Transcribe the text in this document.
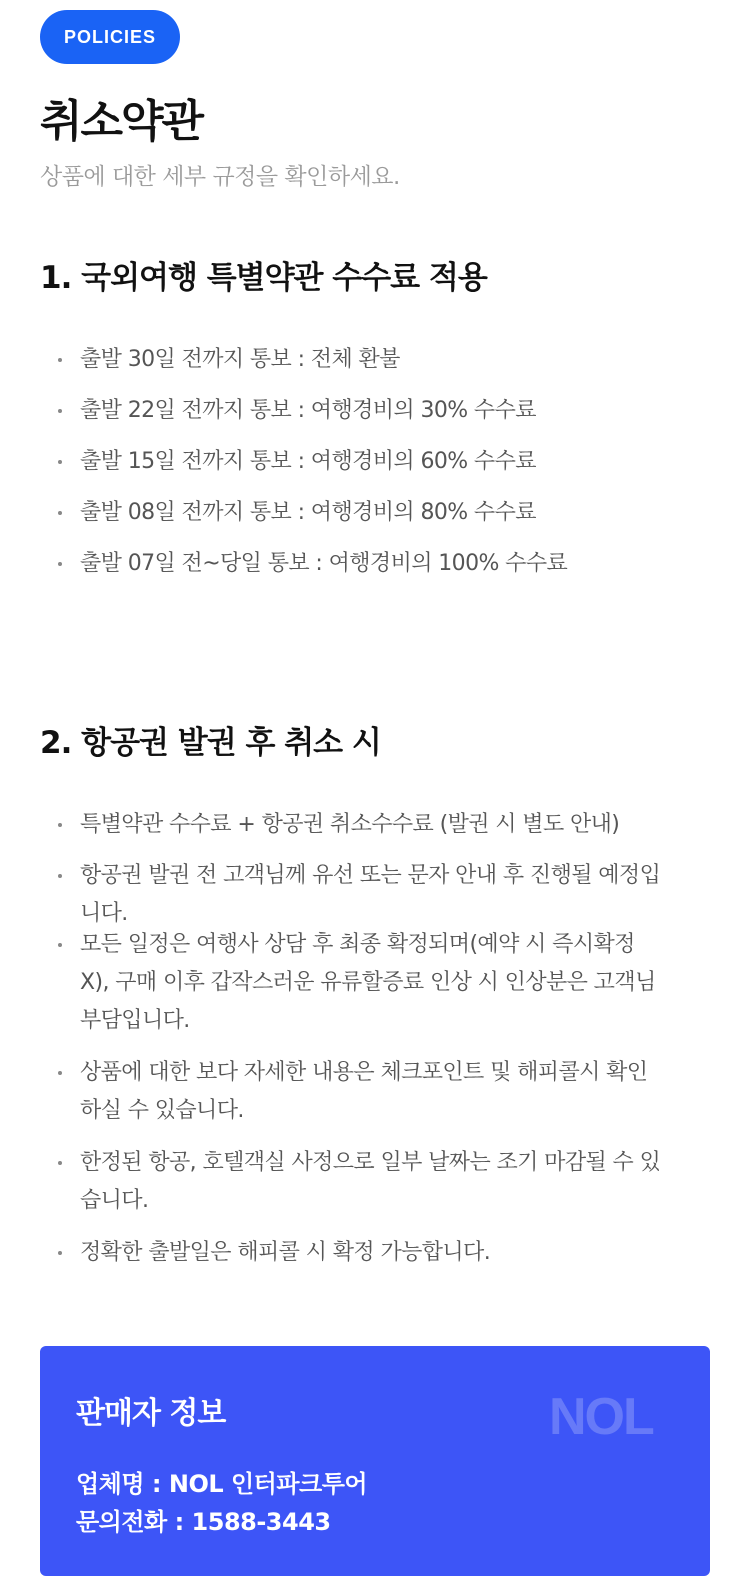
POLICIES
취소약관

상품에 대한 세부 규정을 확인하세요.

1. 국외여행 특별약관 수수료 적용
출발 30일 전까지 통보 : 전체 환불
출발 22일 전까지 통보 : 여행경비의 30% 수수료
출발 15일 전까지 통보 : 여행경비의 60% 수수료
출발 08일 전까지 통보 : 여행경비의 80% 수수료
출발 07일 전~당일 통보 : 여행경비의 100% 수수료
2. 항공권 발권 후 취소 시
특별약관 수수료 + 항공권 취소수수료 (발권 시 별도 안내)
항공권 발권 전 고객님께 유선 또는 문자 안내 후 진행될 예정입
니다.
모든 일정은 여행사 상담 후 최종 확정되며(예약 시 즉시확정
X), 구매 이후 갑작스러운 유류할증료 인상 시 인상분은 고객님
부담입니다.
상품에 대한 보다 자세한 내용은 체크포인트 및 해피콜시 확인
하실 수 있습니다.
한정된 항공, 호텔객실 사정으로 일부 날짜는 조기 마감될 수 있
습니다.
정확한 출발일은 해피콜 시 확정 가능합니다.
판매자 정보	NOL

업체명 : NOL 인터파크투어

문의전화 : 1588-3443
